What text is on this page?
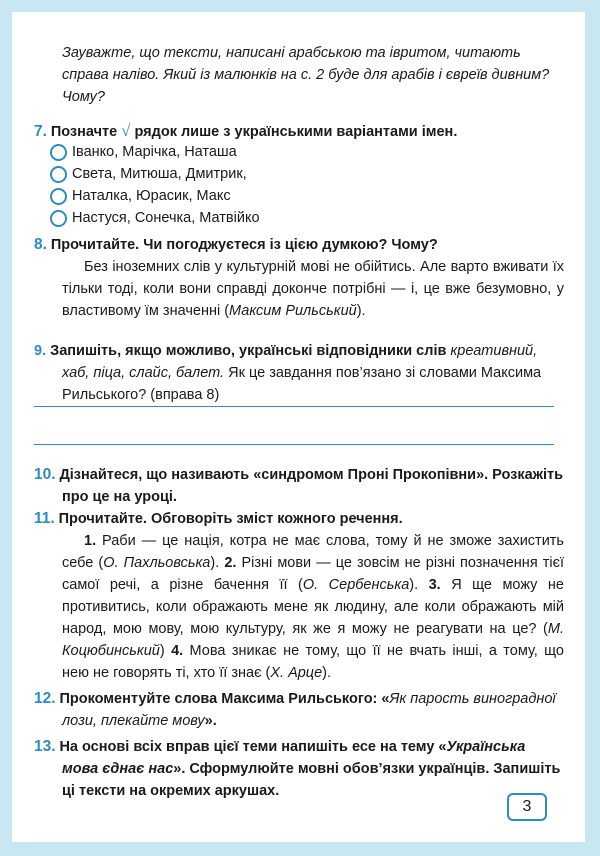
Зауважте, що тексти, написані арабською та івритом, читають справа наліво. Який із малюнків на с. 2 буде для арабів і євреїв дивним? Чому?
7. Позначте √ рядок лише з українськими варіантами імен.
Іванко, Марічка, Наташа
Света, Митюша, Дмитрик,
Наталка, Юрасик, Макс
Настуся, Сонечка, Матвійко
8. Прочитайте. Чи погоджуєтеся із цією думкою? Чому?
Без іноземних слів у культурній мові не обійтись. Але варто вживати їх тільки тоді, коли вони справді доконче потрібні — і, це вже безумовно, у властивому їм значенні (Максим Рильський).
9. Запишіть, якщо можливо, українські відповідники слів креативний, хаб, піца, слайс, балет. Як це завдання пов’язано зі словами Максима Рильського? (вправа 8)
10. Дізнайтеся, що називають «синдромом Проні Прокопівни». Розкажіть про це на уроці.
11. Прочитайте. Обговоріть зміст кожного речення.
1. Раби — це нація, котра не має слова, тому й не зможе захистить себе (О. Пахльовська). 2. Різні мови — це зовсім не різні позначення тієї самої речі, а різне бачення її (О. Сербенська). 3. Я ще можу не противитись, коли ображають мене як людину, але коли ображають мій народ, мою мову, мою культуру, як же я можу не реагувати на це? (М. Коцюбинський) 4. Мова зникає не тому, що її не вчать інші, а тому, що нею не говорять ті, хто її знає (Х. Арце).
12. Прокоментуйте слова Максима Рильського: «Як парость виноградної лози, плекайте мову».
13. На основі всіх вправ цієї теми напишіть есе на тему «Українська мова єднає нас». Сформулюйте мовні обов’язки українців. Запишіть ці тексти на окремих аркушах.
3
